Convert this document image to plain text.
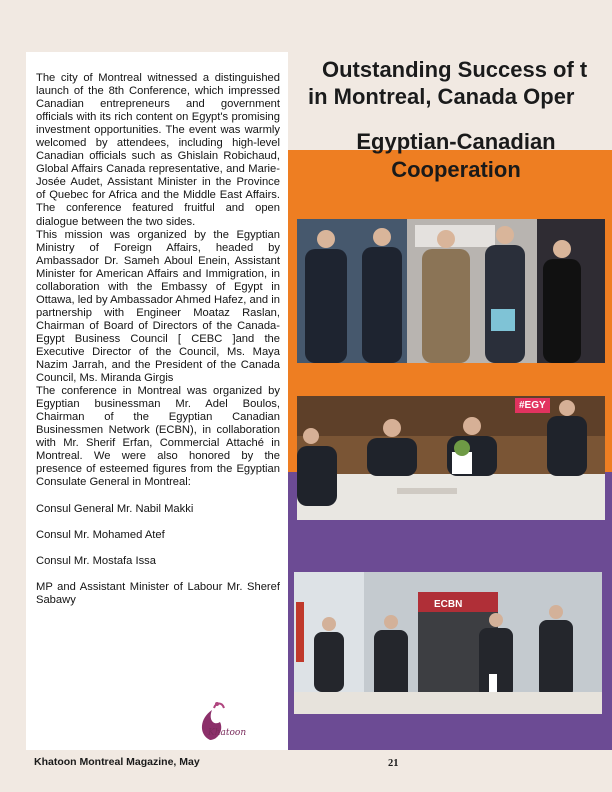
Outstanding Success of t
in Montreal, Canada Oper
Egyptian-Canadian
Cooperation
#EGY
ECBN

The city of Montreal witnessed a distinguished launch of the 8th Conference, which impressed Canadian entrepreneurs and government officials with its rich content on Egypt's promising investment opportunities. The event was warmly welcomed by attendees, including high-level Canadian officials such as Ghislain Robichaud, Global Affairs Canada representative, and Marie-Josée Audet, Assistant Minister in the Province of Quebec for Africa and the Middle East Affairs. The conference featured fruitful and open dialogue between the two sides.

This mission was organized by the Egyptian Ministry of Foreign Affairs, headed by Ambassador Dr. Sameh Aboul Enein, Assistant Minister for American Affairs and Immigration, in collaboration with the Embassy of Egypt in Ottawa, led by Ambassador Ahmed Hafez, and in partnership with Engineer Moataz Raslan, Chairman of Board of Directors of the Canada-Egypt Business Council [ CEBC ]and the Executive Director of the Council, Ms. Maya Nazim Jarrah, and the President of the Canada Council, Ms. Miranda Girgis

The conference in Montreal was organized by Egyptian businessman Mr. Adel Boulos, Chairman of the Egyptian Canadian Businessmen Network (ECBN), in collaboration with Mr. Sherif Erfan, Commercial Attaché in Montreal. We were also honored by the presence of esteemed figures from the Egyptian Consulate General in Montreal:

Consul General Mr. Nabil Makki

Consul Mr. Mohamed Atef

Consul Mr. Mostafa Issa

MP and Assistant Minister of Labour Mr. Sheref Sabawy

Khatoon
Khatoon Montreal Magazine, May	21
